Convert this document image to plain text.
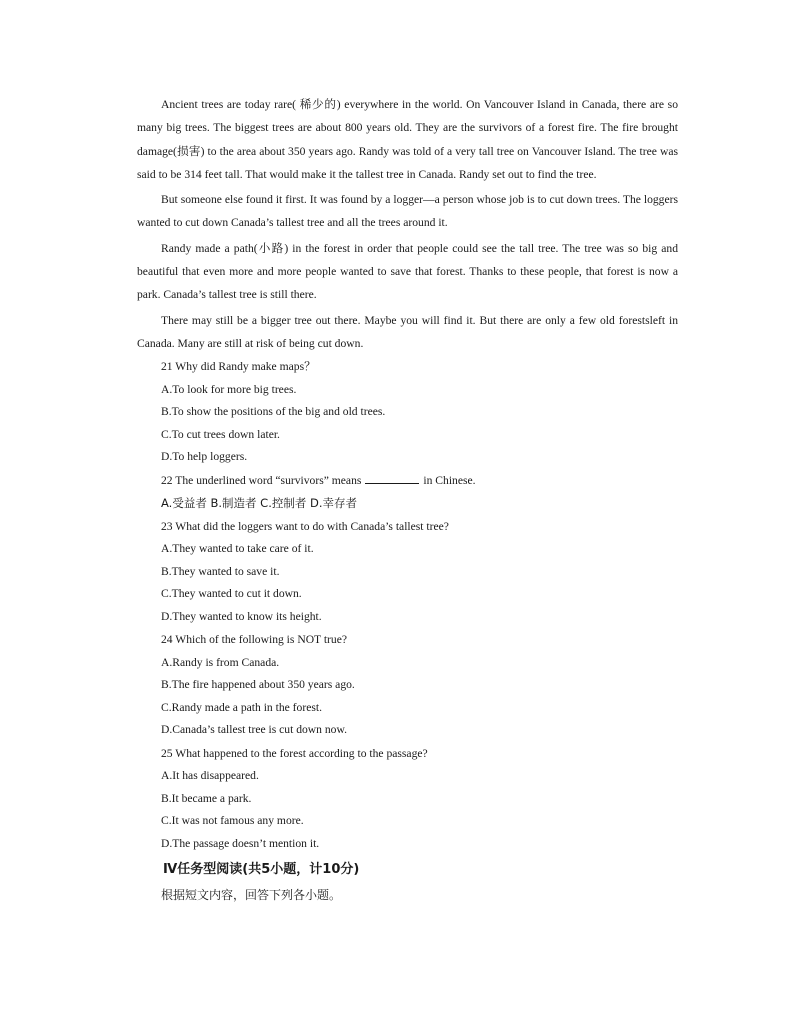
Ancient trees are today rare( 稀少的) everywhere in the world. On Vancouver Island in Canada, there are so many big trees. The biggest trees are about 800 years old. They are the survivors of a forest fire. The fire brought damage(损害) to the area about 350 years ago. Randy was told of a very tall tree on Vancouver Island. The tree was said to be 314 feet tall. That would make it the tallest tree in Canada. Randy set out to find the tree.

But someone else found it first. It was found by a logger—a person whose job is to cut down trees. The loggers wanted to cut down Canada’s tallest tree and all the trees around it.

Randy made a path(小路) in the forest in order that people could see the tall tree. The tree was so big and beautiful that even more and more people wanted to save that forest. Thanks to these people, that forest is now a park. Canada’s tallest tree is still there.

There may still be a bigger tree out there. Maybe you will find it. But there are only a few old forestsleft in Canada. Many are still at risk of being cut down.

21 Why did Randy make maps？

A.To look for more big trees.

B.To show the positions of the big and old trees.

C.To cut trees down later.

D.To help loggers.

22 The underlined word “survivors” means	in Chinese.

A.受益者 B.制造者 C.控制者 D.幸存者

23 What did the loggers want to do with Canada’s tallest tree?

A.They wanted to take care of it.

B.They wanted to save it.

C.They wanted to cut it down.

D.They wanted to know its height.

24 Which of the following is NOT true?

A.Randy is from Canada.

B.The fire happened about 350 years ago.

C.Randy made a path in the forest.

D.Canada’s tallest tree is cut down now.

25 What happened to the forest according to the passage?

A.It has disappeared.

B.It became a park.

C.It was not famous any more.

D.The passage doesn’t mention it.

Ⅳ任务型阅读(共5小题，计10分)

根据短文内容，回答下列各小题。
